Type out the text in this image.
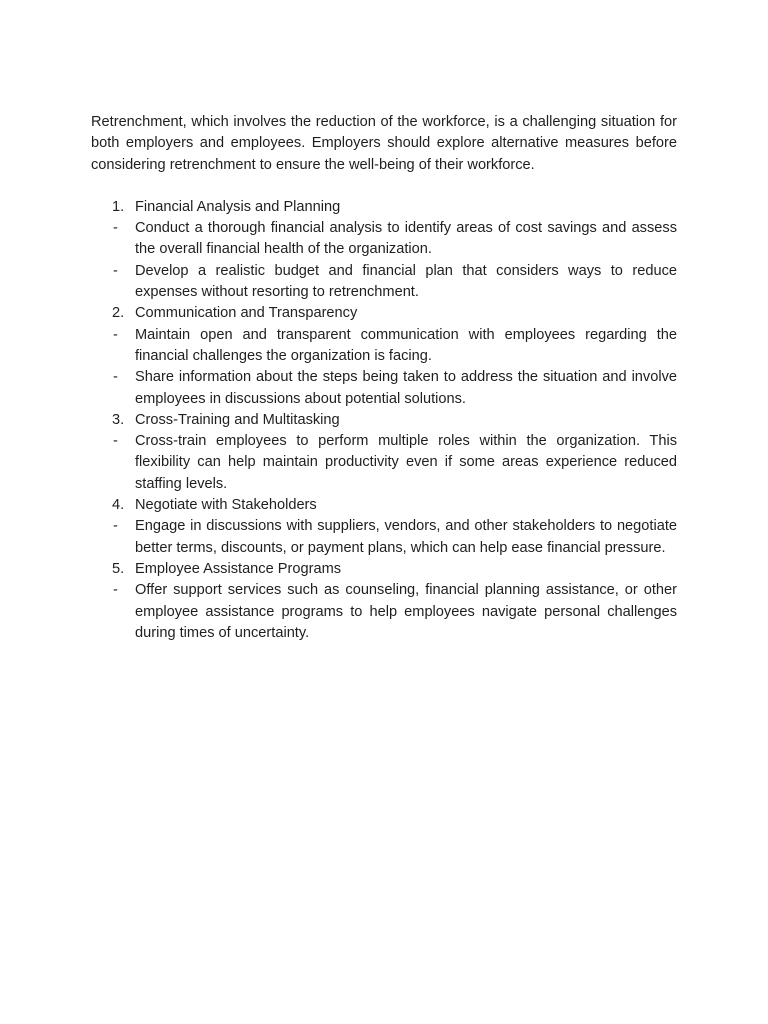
Retrenchment, which involves the reduction of the workforce, is a challenging situation for both employers and employees. Employers should explore alternative measures before considering retrenchment to ensure the well-being of their workforce.

1. Financial Analysis and Planning
-	Conduct a thorough financial analysis to identify areas of cost savings and assess the overall financial health of the organization.
-	Develop a realistic budget and financial plan that considers ways to reduce expenses without resorting to retrenchment.
2. Communication and Transparency
-	Maintain open and transparent communication with employees regarding the financial challenges the organization is facing.
-	Share information about the steps being taken to address the situation and involve employees in discussions about potential solutions.
3. Cross-Training and Multitasking
-	Cross-train employees to perform multiple roles within the organization. This flexibility can help maintain productivity even if some areas experience reduced staffing levels.
4. Negotiate with Stakeholders
-	Engage in discussions with suppliers, vendors, and other stakeholders to negotiate better terms, discounts, or payment plans, which can help ease financial pressure.
5. Employee Assistance Programs
-	Offer support services such as counseling, financial planning assistance, or other employee assistance programs to help employees navigate personal challenges during times of uncertainty.
